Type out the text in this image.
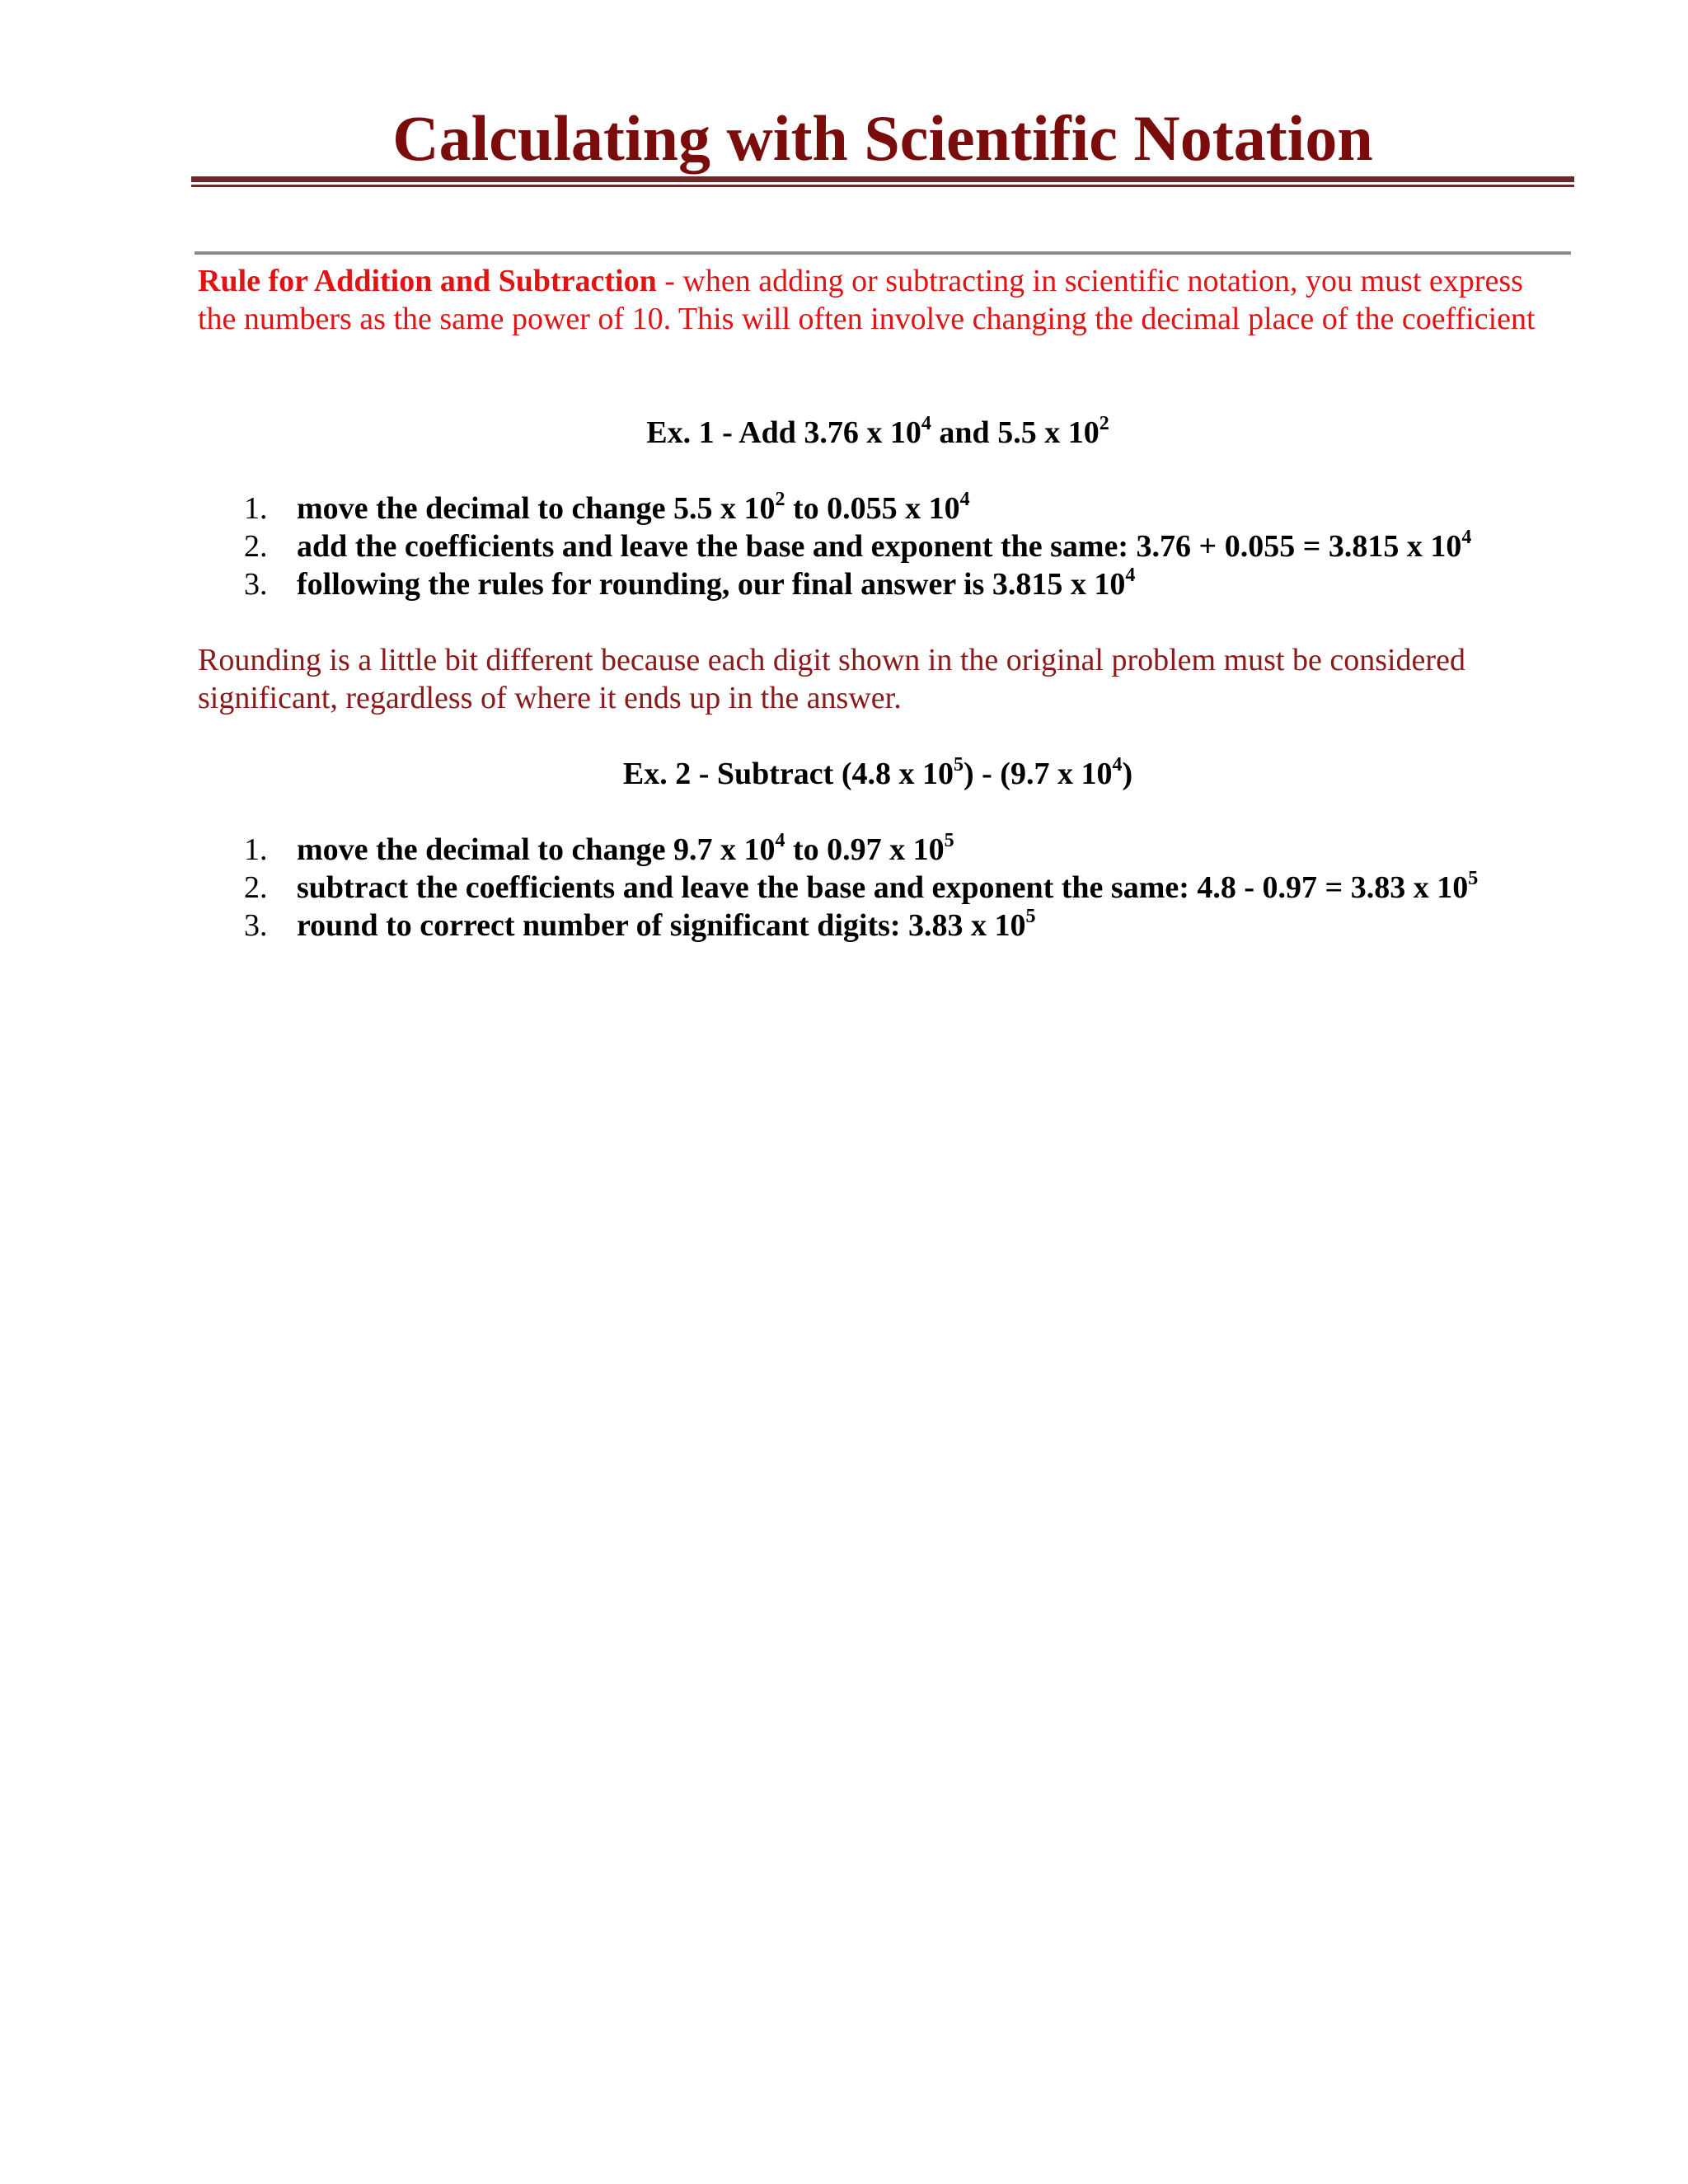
Calculating with Scientific Notation

Rule for Addition and Subtraction - when adding or subtracting in scientific notation, you must express the numbers as the same power of 10. This will often involve changing the decimal place of the coefficient

Ex. 1 - Add 3.76 x $10^4$ and 5.5 x $10^2$

1. move the decimal to change 5.5 x $10^2$ to 0.055 x $10^4$
2. add the coefficients and leave the base and exponent the same: 3.76 + 0.055 = 3.815 x $10^4$
3. following the rules for rounding, our final answer is 3.815 x $10^4$

Rounding is a little bit different because each digit shown in the original problem must be considered significant, regardless of where it ends up in the answer.

Ex. 2 - Subtract (4.8 x $10^5) - (9.7$ x $10^4$)

1. move the decimal to change 9.7 x $10^4$ to 0.97 x $10^5$
2. subtract the coefficients and leave the base and exponent the same: 4.8 - 0.97 = 3.83 x $10^5$
3. round to correct number of significant digits: 3.83 x $10^5$
